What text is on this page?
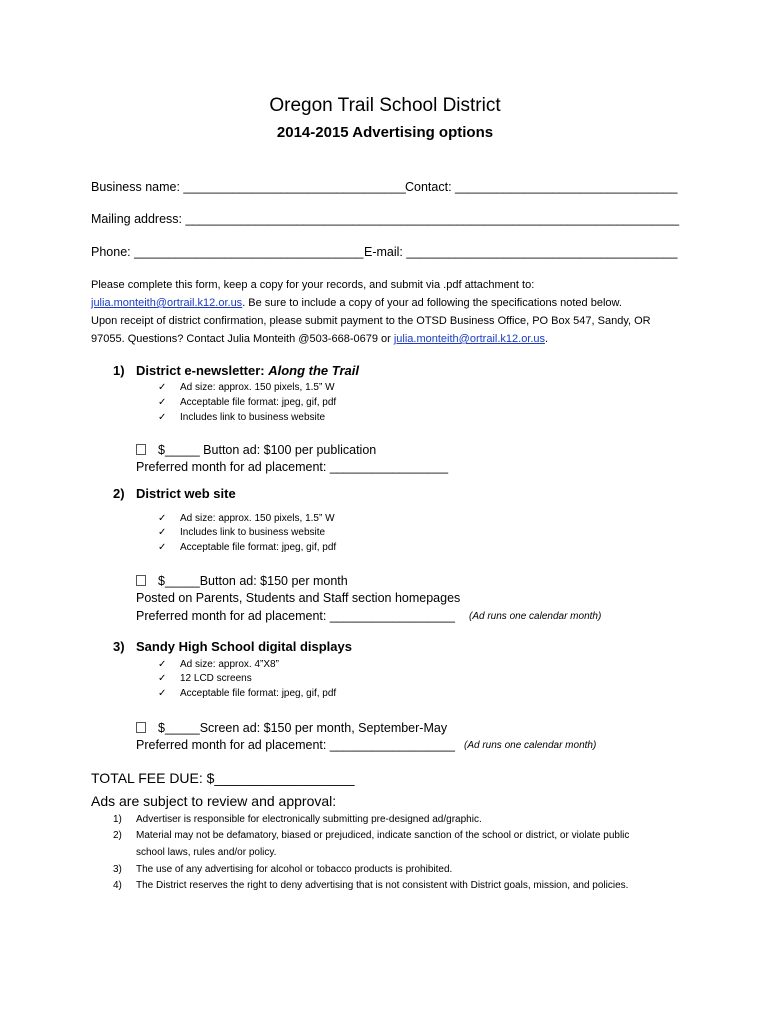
Oregon Trail School District
2014-2015 Advertising options
Business name: ________________________________ Contact: ________________________________
Mailing address: _______________________________________________________________________
Phone: _________________________________ E-mail: _______________________________________
Please complete this form, keep a copy for your records, and submit via .pdf attachment to:
julia.monteith@ortrail.k12.or.us. Be sure to include a copy of your ad following the specifications noted below.
Upon receipt of district confirmation, please submit payment to the OTSD Business Office, PO Box 547, Sandy, OR
97055. Questions? Contact Julia Monteith @503-668-0679 or julia.monteith@ortrail.k12.or.us.
1) District e-newsletter: Along the Trail
✓ Ad size: approx. 150 pixels, 1.5” W
✓ Acceptable file format: jpeg, gif, pdf
✓ Includes link to business website
$_____ Button ad: $100 per publication
Preferred month for ad placement: _________________
2) District web site
✓ Ad size: approx. 150 pixels, 1.5” W
✓ Includes link to business website
✓ Acceptable file format: jpeg, gif, pdf
$_____Button ad: $150 per month
Posted on Parents, Students and Staff section homepages
Preferred month for ad placement: __________________ (Ad runs one calendar month)
3) Sandy High School digital displays
✓ Ad size: approx. 4”X8”
✓ 12 LCD screens
✓ Acceptable file format: jpeg, gif, pdf
$_____Screen ad: $150 per month, September-May
Preferred month for ad placement: __________________ (Ad runs one calendar month)
TOTAL FEE DUE: $__________________
Ads are subject to review and approval:
1) Advertiser is responsible for electronically submitting pre-designed ad/graphic.
2) Material may not be defamatory, biased or prejudiced, indicate sanction of the school or district, or violate public
school laws, rules and/or policy.
3) The use of any advertising for alcohol or tobacco products is prohibited.
4) The District reserves the right to deny advertising that is not consistent with District goals, mission, and policies.
